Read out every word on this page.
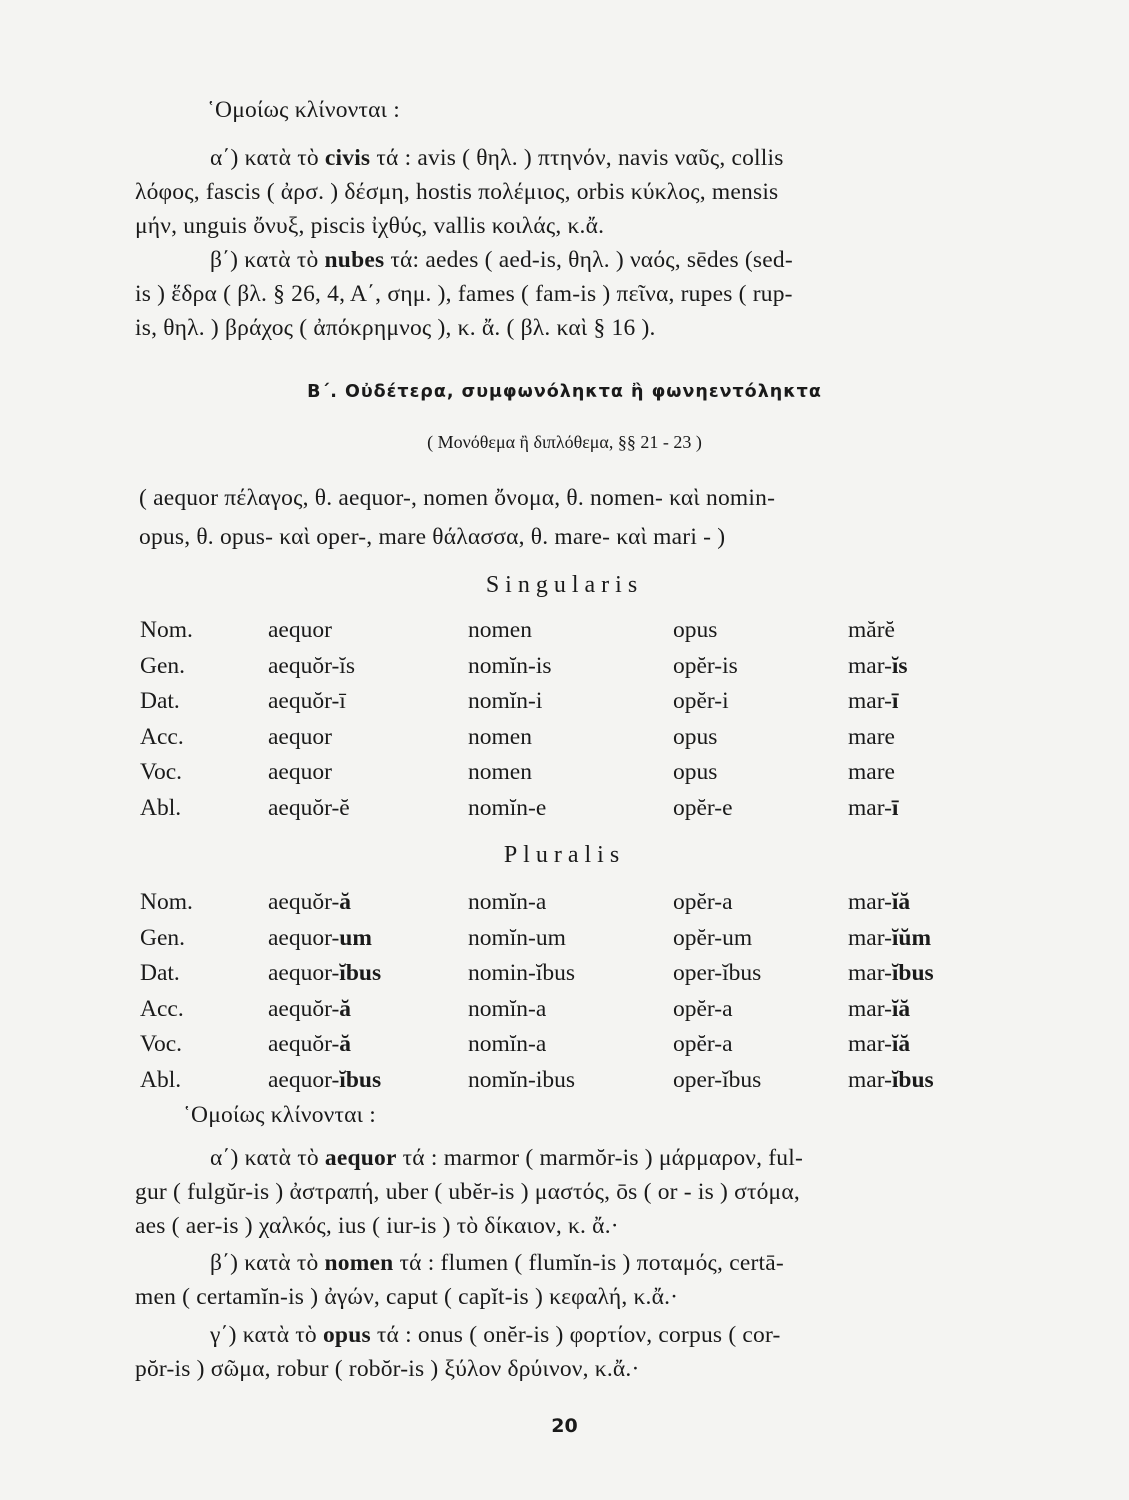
῾Ομοίως κλίνονται :
α΄) κατὰ τὸ civis τά : avis ( θηλ. ) πτηνόν, navis ναῦς, collis
λόφος, fascis ( ἀρσ. ) δέσμη, hostis πολέμιος, orbis κύκλος, mensis
μήν, unguis ὄνυξ, piscis ἰχθύς, vallis κοιλάς, κ.ἄ.
β΄) κατὰ τὸ nubes τά: aedes ( aed-is, θηλ. ) ναός, sēdes (sed-
is ) ἕδρα ( βλ. § 26, 4, Α΄, σημ. ), fames ( fam-is ) πεῖνα, rupes ( rup-
is, θηλ. ) βράχος ( ἀπόκρημνος ), κ. ἄ. ( βλ. καὶ § 16 ).
Β΄. Οὐδέτερα, συμφωνόληκτα ἢ φωνηεντόληκτα
( Μονόθεμα ἢ διπλόθεμα, §§ 21 - 23 )
( aequor πέλαγος, θ. aequor-, nomen ὄνομα, θ. nomen- καὶ nomin-
opus, θ. opus- καὶ oper-, mare θάλασσα, θ. mare- καὶ mari - )
Singularis
Nom.	aequor	nomen	opus	mărĕ
Gen.	aequŏr-ĭs	nomĭn-is	opĕr-is	mar-ĭs
Dat.	aequŏr-ī	nomĭn-i	opĕr-i	mar-ī
Acc.	aequor	nomen	opus	mare
Voc.	aequor	nomen	opus	mare
Abl.	aequŏr-ĕ	nomĭn-e	opĕr-e	mar-ī
Pluralis
Nom.	aequŏr-ă	nomĭn-a	opĕr-a	mar-ĭă
Gen.	aequor-um	nomĭn-um	opĕr-um	mar-ĭŭm
Dat.	aequor-ĭbus	nomin-ĭbus	oper-ĭbus	mar-ĭbus
Acc.	aequŏr-ă	nomĭn-a	opĕr-a	mar-ĭă
Voc.	aequŏr-ă	nomĭn-a	opĕr-a	mar-ĭă
Abl.	aequor-ĭbus	nomĭn-ibus	oper-ĭbus	mar-ĭbus
῾Ομοίως κλίνονται :
α΄) κατὰ τὸ aequor τά : marmor ( marmŏr-is ) μάρμαρον, ful-
gur ( fulgŭr-is ) ἀστραπή, uber ( ubĕr-is ) μαστός, ōs ( or - is ) στόμα,
aes ( aer-is ) χαλκός, ius ( iur-is ) τὸ δίκαιον, κ. ἄ.·
β΄) κατὰ τὸ nomen τά : flumen ( flumĭn-is ) ποταμός, certā-
men ( certamĭn-is ) ἀγών, caput ( capĭt-is ) κεφαλή, κ.ἄ.·
γ΄) κατὰ τὸ opus τά : onus ( onĕr-is ) φορτίον, corpus ( cor-
pŏr-is ) σῶμα, robur ( robŏr-is ) ξύλον δρύινον, κ.ἄ.·
20
